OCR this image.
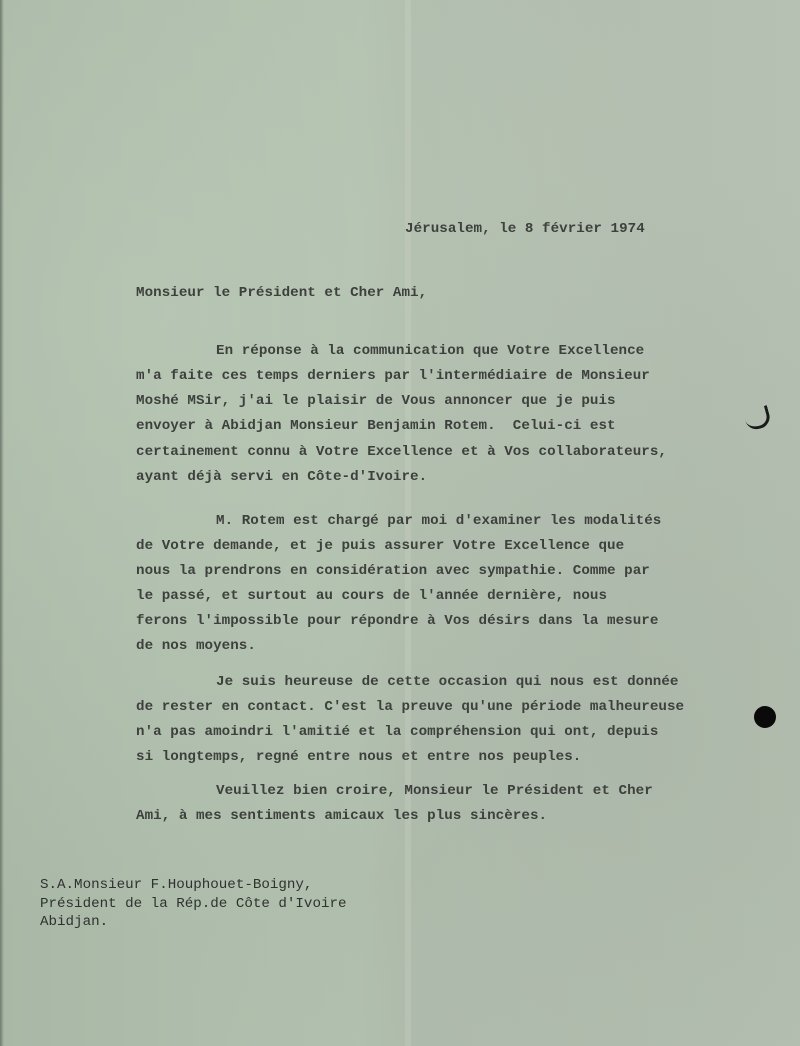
Jérusalem, le 8 février 1974
Monsieur le Président et Cher Ami,
En réponse à la communication que Votre Excellence
m'a faite ces temps derniers par l'intermédiaire de Monsieur
Moshé MSir, j'ai le plaisir de Vous annoncer que je puis
envoyer à Abidjan Monsieur Benjamin Rotem.  Celui-ci est
certainement connu à Votre Excellence et à Vos collaborateurs,
ayant déjà servi en Côte-d'Ivoire.
M. Rotem est chargé par moi d'examiner les modalités
de Votre demande, et je puis assurer Votre Excellence que
nous la prendrons en considération avec sympathie. Comme par
le passé, et surtout au cours de l'année dernière, nous
ferons l'impossible pour répondre à Vos désirs dans la mesure
de nos moyens.
Je suis heureuse de cette occasion qui nous est donnée
de rester en contact. C'est la preuve qu'une période malheureuse
n'a pas amoindri l'amitié et la compréhension qui ont, depuis
si longtemps, regné entre nous et entre nos peuples.
Veuillez bien croire, Monsieur le Président et Cher
Ami, à mes sentiments amicaux les plus sincères.
S.A.Monsieur F.Houphouet-Boigny,
Président de la Rép.de Côte d'Ivoire
Abidjan.
